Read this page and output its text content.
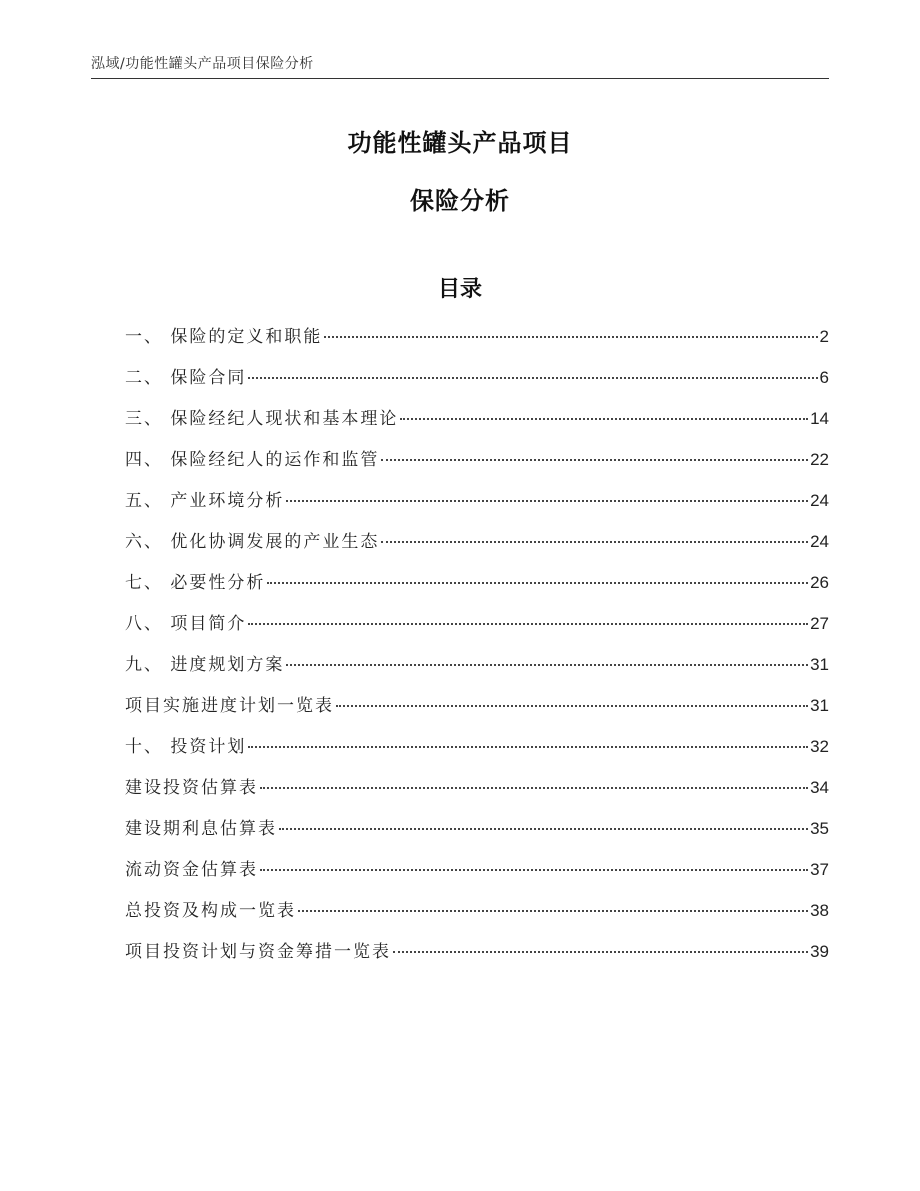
泓域/功能性罐头产品项目保险分析
功能性罐头产品项目
保险分析
目录
一、 保险的定义和职能	2
二、 保险合同	6
三、 保险经纪人现状和基本理论	14
四、 保险经纪人的运作和监管	22
五、 产业环境分析	24
六、 优化协调发展的产业生态	24
七、 必要性分析	26
八、 项目简介	27
九、 进度规划方案	31
项目实施进度计划一览表	31
十、 投资计划	32
建设投资估算表	34
建设期利息估算表	35
流动资金估算表	37
总投资及构成一览表	38
项目投资计划与资金筹措一览表	39
